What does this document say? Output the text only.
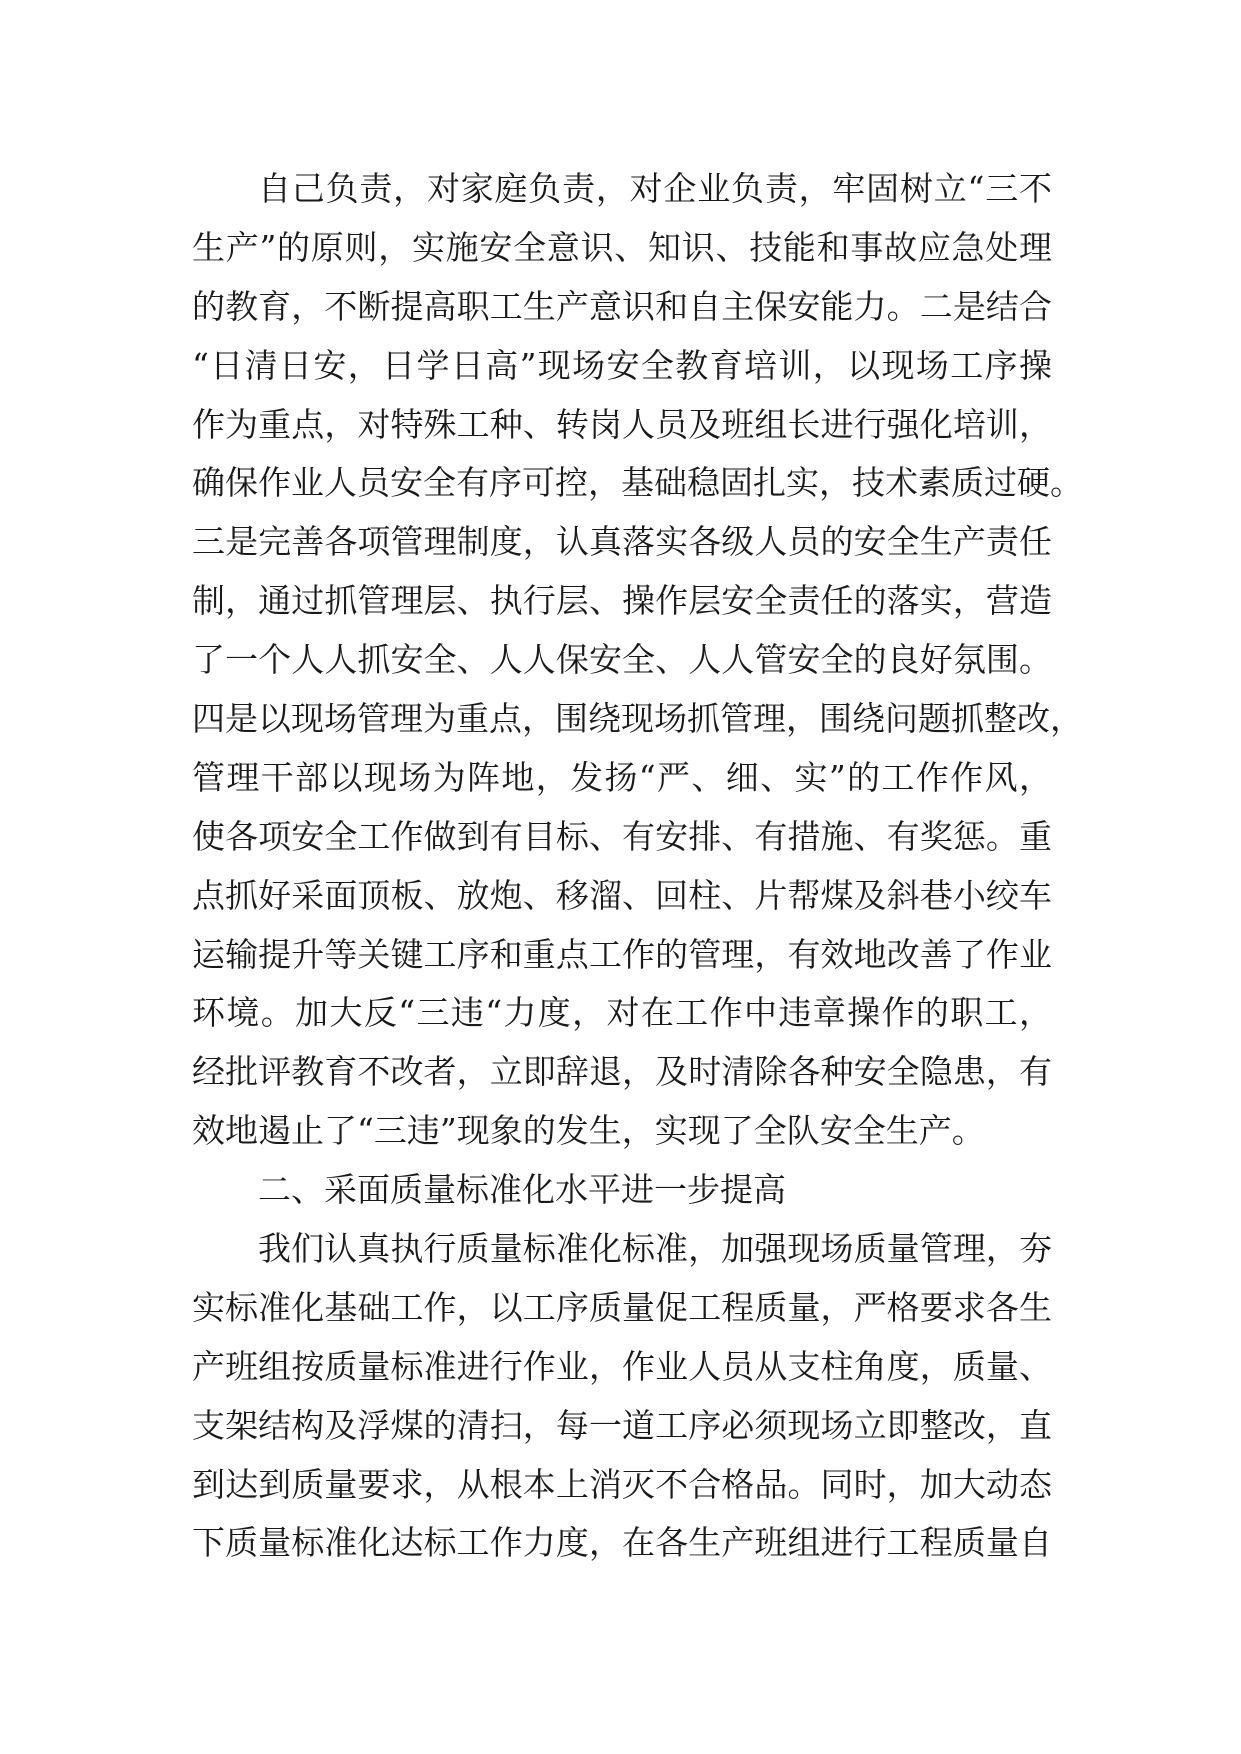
自己负责，对家庭负责，对企业负责，牢固树立“三不
生产”的原则，实施安全意识、知识、技能和事故应急处理
的教育，不断提高职工生产意识和自主保安能力。二是结合
“日清日安，日学日高”现场安全教育培训，以现场工序操
作为重点，对特殊工种、转岗人员及班组长进行强化培训，
确保作业人员安全有序可控，基础稳固扎实，技术素质过硬。
三是完善各项管理制度，认真落实各级人员的安全生产责任
制，通过抓管理层、执行层、操作层安全责任的落实，营造
了一个人人抓安全、人人保安全、人人管安全的良好氛围。
四是以现场管理为重点，围绕现场抓管理，围绕问题抓整改，
管理干部以现场为阵地，发扬“严、细、实”的工作作风，
使各项安全工作做到有目标、有安排、有措施、有奖惩。重
点抓好采面顶板、放炮、移溜、回柱、片帮煤及斜巷小绞车
运输提升等关键工序和重点工作的管理，有效地改善了作业
环境。加大反“三违“力度，对在工作中违章操作的职工，
经批评教育不改者，立即辞退，及时清除各种安全隐患，有
效地遏止了“三违”现象的发生，实现了全队安全生产。
二、采面质量标准化水平进一步提高
我们认真执行质量标准化标准，加强现场质量管理，夯
实标准化基础工作，以工序质量促工程质量，严格要求各生
产班组按质量标准进行作业，作业人员从支柱角度，质量、
支架结构及浮煤的清扫，每一道工序必须现场立即整改，直
到达到质量要求，从根本上消灭不合格品。同时，加大动态
下质量标准化达标工作力度，在各生产班组进行工程质量自
